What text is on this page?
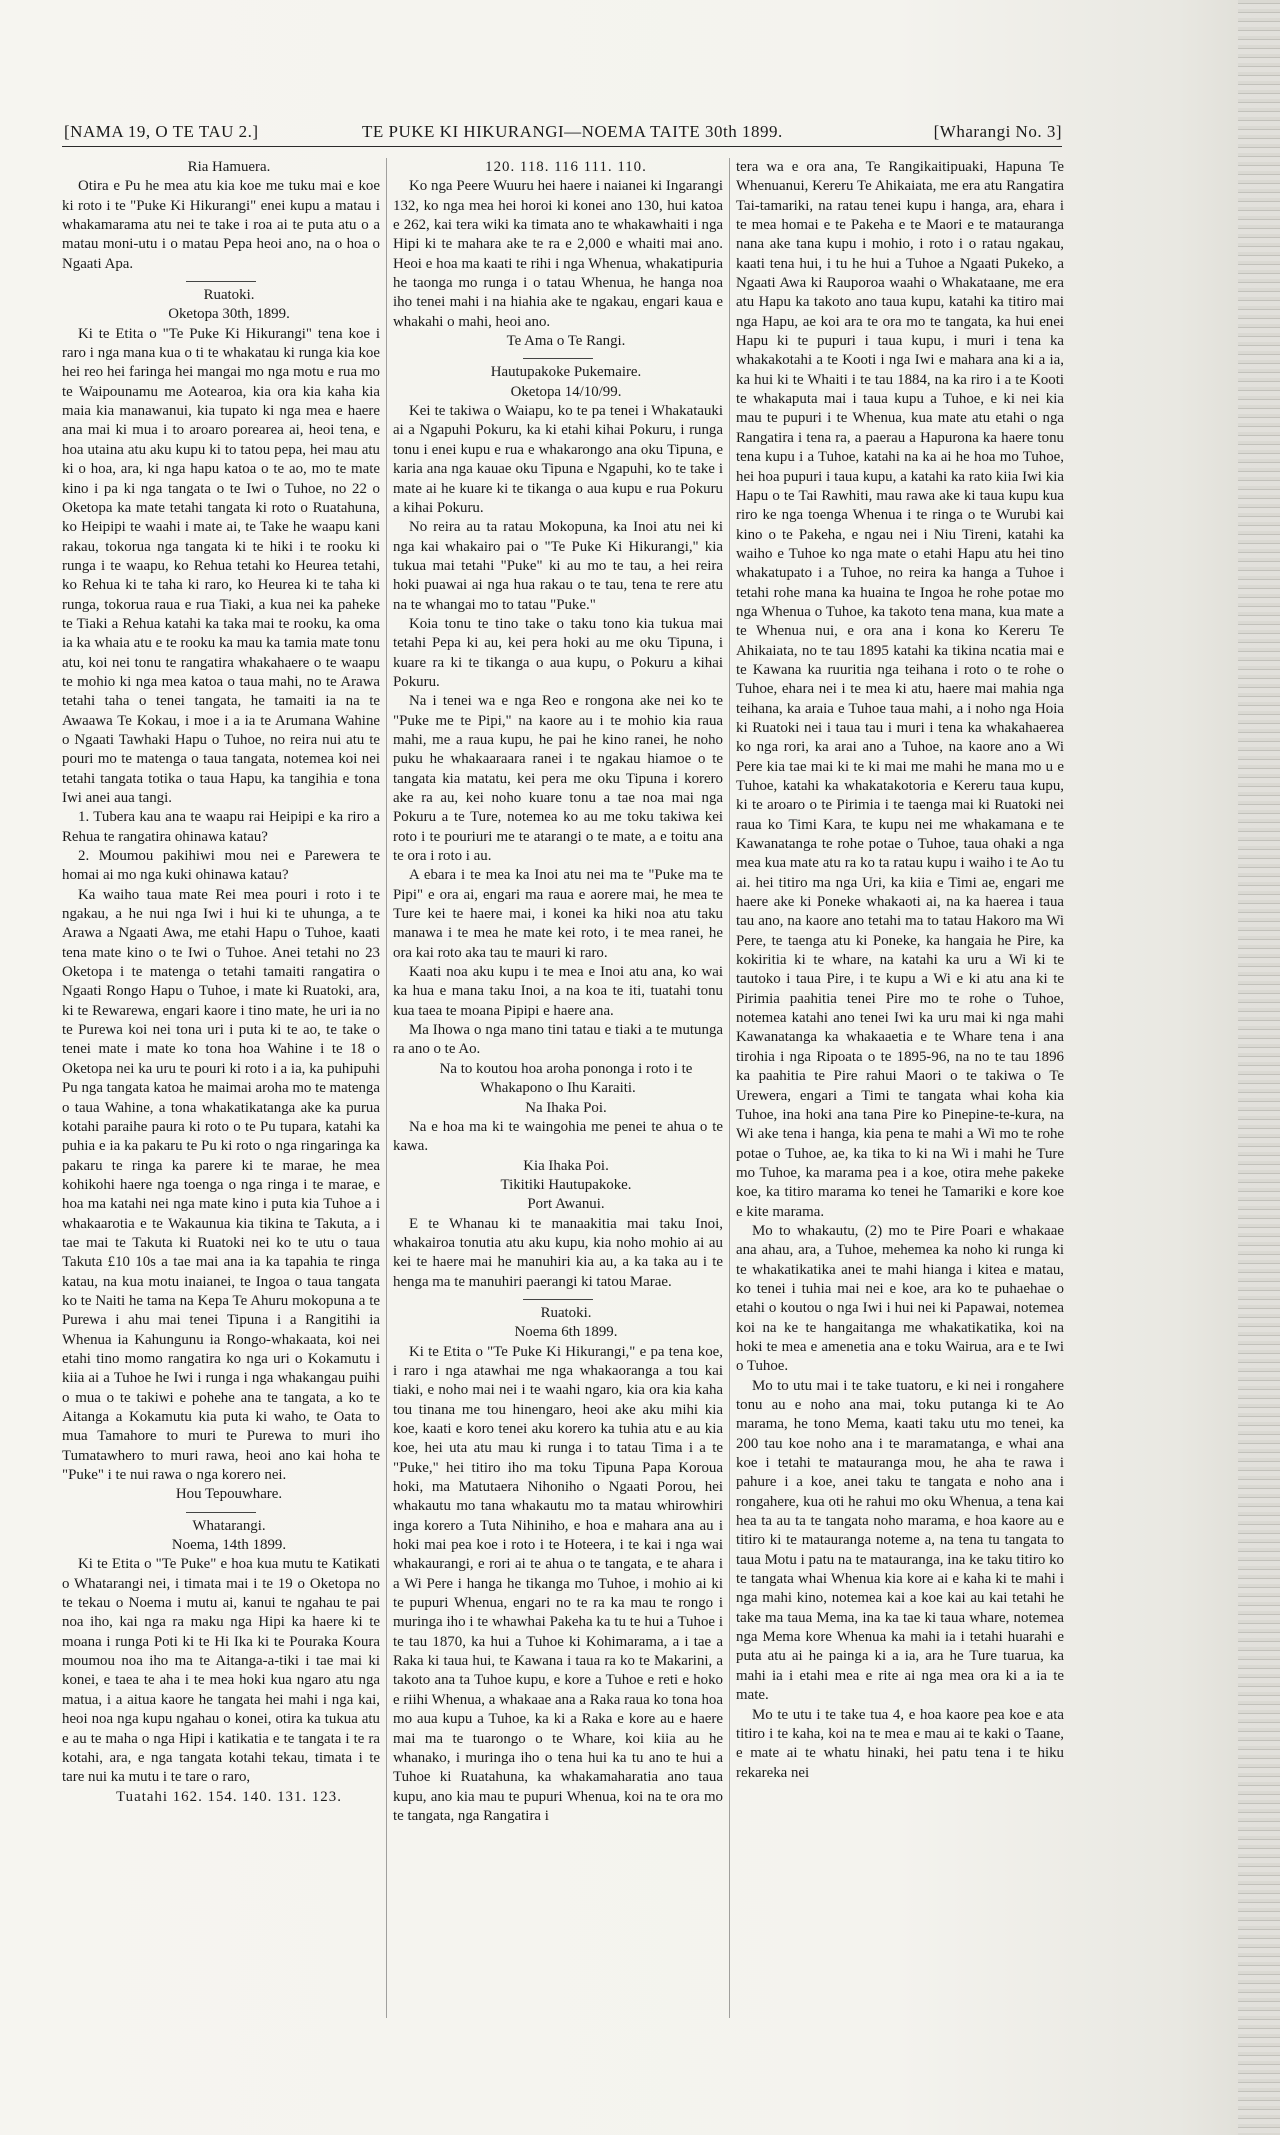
[NAMA 19, O TE TAU 2.]	TE PUKE KI HIKURANGI—NOEMA TAITE 30th 1899.	[Wharangi No. 3]

Ria Hamuera.

Otira e Pu he mea atu kia koe me tuku mai e koe ki roto i te "Puke Ki Hikurangi" enei kupu a matau i whakamarama atu nei te take i roa ai te puta atu o a matau moni-utu i o matau Pepa heoi ano, na o hoa o Ngaati Apa.

Ruatoki.

Oketopa 30th, 1899.

Ki te Etita o "Te Puke Ki Hikurangi" tena koe i raro i nga mana kua o ti te whakatau ki runga kia koe hei reo hei faringa hei mangai mo nga motu e rua mo te Waipounamu me Aotearoa, kia ora kia kaha kia maia kia manawanui, kia tupato ki nga mea e haere ana mai ki mua i to aroaro porearea ai, heoi tena, e hoa utaina atu aku kupu ki to tatou pepa, hei mau atu ki o hoa, ara, ki nga hapu katoa o te ao, mo te mate kino i pa ki nga tangata o te Iwi o Tuhoe, no 22 o Oketopa ka mate tetahi tangata ki roto o Ruatahuna, ko Heipipi te waahi i mate ai, te Take he waapu kani rakau, tokorua nga tangata ki te hiki i te rooku ki runga i te waapu, ko Rehua tetahi ko Heurea tetahi, ko Rehua ki te taha ki raro, ko Heurea ki te taha ki runga, tokorua raua e rua Tiaki, a kua nei ka paheke te Tiaki a Rehua katahi ka taka mai te rooku, ka oma ia ka whaia atu e te rooku ka mau ka tamia mate tonu atu, koi nei tonu te rangatira whakahaere o te waapu te mohio ki nga mea katoa o taua mahi, no te Arawa tetahi taha o tenei tangata, he tamaiti ia na te Awaawa Te Kokau, i moe i a ia te Arumana Wahine o Ngaati Tawhaki Hapu o Tuhoe, no reira nui atu te pouri mo te matenga o taua tangata, notemea koi nei tetahi tangata totika o taua Hapu, ka tangihia e tona Iwi anei aua tangi.

1. Tubera kau ana te waapu rai Heipipi e ka riro a Rehua te rangatira ohinawa katau?

2. Moumou pakihiwi mou nei e Parewera te homai ai mo nga kuki ohinawa katau?

Ka waiho taua mate Rei mea pouri i roto i te ngakau, a he nui nga Iwi i hui ki te uhunga, a te Arawa a Ngaati Awa, me etahi Hapu o Tuhoe, kaati tena mate kino o te Iwi o Tuhoe. Anei tetahi no 23 Oketopa i te matenga o tetahi tamaiti rangatira o Ngaati Rongo Hapu o Tuhoe, i mate ki Ruatoki, ara, ki te Rewarewa, engari kaore i tino mate, he uri ia no te Purewa koi nei tona uri i puta ki te ao, te take o tenei mate i mate ko tona hoa Wahine i te 18 o Oketopa nei ka uru te pouri ki roto i a ia, ka puhipuhi Pu nga tangata katoa he maimai aroha mo te matenga o taua Wahine, a tona whakatikatanga ake ka purua kotahi paraihe paura ki roto o te Pu tupara, katahi ka puhia e ia ka pakaru te Pu ki roto o nga ringaringa ka pakaru te ringa ka parere ki te marae, he mea kohikohi haere nga toenga o nga ringa i te marae, e hoa ma katahi nei nga mate kino i puta kia Tuhoe a i whakaarotia e te Wakaunua kia tikina te Takuta, a i tae mai te Takuta ki Ruatoki nei ko te utu o taua Takuta £10 10s a tae mai ana ia ka tapahia te ringa katau, na kua motu inaianei, te Ingoa o taua tangata ko te Naiti he tama na Kepa Te Ahuru mokopuna a te Purewa i ahu mai tenei Tipuna i a Rangitihi ia Whenua ia Kahungunu ia Rongo-whakaata, koi nei etahi tino momo rangatira ko nga uri o Kokamutu i kiia ai a Tuhoe he Iwi i runga i nga whakangau puihi o mua o te takiwi e pohehe ana te tangata, a ko te Aitanga a Kokamutu kia puta ki waho, te Oata to mua Tamahore to muri te Purewa to muri iho Tumatawhero to muri rawa, heoi ano kai hoha te "Puke" i te nui rawa o nga korero nei.

Hou Tepouwhare.

Whatarangi.

Noema, 14th 1899.

Ki te Etita o "Te Puke" e hoa kua mutu te Katikati o Whatarangi nei, i timata mai i te 19 o Oketopa no te tekau o Noema i mutu ai, kanui te ngahau te pai noa iho, kai nga ra maku nga Hipi ka haere ki te moana i runga Poti ki te Hi Ika ki te Pouraka Koura moumou noa iho ma te Aitanga-a-tiki i tae mai ki konei, e taea te aha i te mea hoki kua ngaro atu nga matua, i a aitua kaore he tangata hei mahi i nga kai, heoi noa nga kupu ngahau o konei, otira ka tukua atu e au te maha o nga Hipi i katikatia e te tangata i te ra kotahi, ara, e nga tangata kotahi tekau, timata i te tare nui ka mutu i te tare o raro,

Tuatahi 162. 154. 140. 131. 123.

120. 118. 116 111. 110.

Ko nga Peere Wuuru hei haere i naianei ki Ingarangi 132, ko nga mea hei horoi ki konei ano 130, hui katoa e 262, kai tera wiki ka timata ano te whakawhaiti i nga Hipi ki te mahara ake te ra e 2,000 e whaiti mai ano. Heoi e hoa ma kaati te rihi i nga Whenua, whakatipuria he taonga mo runga i o tatau Whenua, he hanga noa iho tenei mahi i na hiahia ake te ngakau, engari kaua e whakahi o mahi, heoi ano.

Te Ama o Te Rangi.

Hautupakoke Pukemaire.

Oketopa 14/10/99.

Kei te takiwa o Waiapu, ko te pa tenei i Whakatauki ai a Ngapuhi Pokuru, ka ki etahi kihai Pokuru, i runga tonu i enei kupu e rua e whakarongo ana oku Tipuna, e karia ana nga kauae oku Tipuna e Ngapuhi, ko te take i mate ai he kuare ki te tikanga o aua kupu e rua Pokuru a kihai Pokuru.

No reira au ta ratau Mokopuna, ka Inoi atu nei ki nga kai whakairo pai o "Te Puke Ki Hikurangi," kia tukua mai tetahi "Puke" ki au mo te tau, a hei reira hoki puawai ai nga hua rakau o te tau, tena te rere atu na te whangai mo to tatau "Puke."

Koia tonu te tino take o taku tono kia tukua mai tetahi Pepa ki au, kei pera hoki au me oku Tipuna, i kuare ra ki te tikanga o aua kupu, o Pokuru a kihai Pokuru.

Na i tenei wa e nga Reo e rongona ake nei ko te "Puke me te Pipi," na kaore au i te mohio kia raua mahi, me a raua kupu, he pai he kino ranei, he noho puku he whakaaraara ranei i te ngakau hiamoe o te tangata kia matatu, kei pera me oku Tipuna i korero ake ra au, kei noho kuare tonu a tae noa mai nga Pokuru a te Ture, notemea ko au me toku takiwa kei roto i te pouriuri me te atarangi o te mate, a e toitu ana te ora i roto i au.

A ebara i te mea ka Inoi atu nei ma te "Puke ma te Pipi" e ora ai, engari ma raua e aorere mai, he mea te Ture kei te haere mai, i konei ka hiki noa atu taku manawa i te mea he mate kei roto, i te mea ranei, he ora kai roto aka tau te mauri ki raro.

Kaati noa aku kupu i te mea e Inoi atu ana, ko wai ka hua e mana taku Inoi, a na koa te iti, tuatahi tonu kua taea te moana Pipipi e haere ana.

Ma Ihowa o nga mano tini tatau e tiaki a te mutunga ra ano o te Ao.

Na to koutou hoa aroha pononga i roto i te Whakapono o Ihu Karaiti.

Na Ihaka Poi.

Na e hoa ma ki te waingohia me penei te ahua o te kawa.

Kia Ihaka Poi.

Tikitiki Hautupakoke.

Port Awanui.

E te Whanau ki te manaakitia mai taku Inoi, whakairoa tonutia atu aku kupu, kia noho mohio ai au kei te haere mai he manuhiri kia au, a ka taka au i te henga ma te manuhiri paerangi ki tatou Marae.

Ruatoki.

Noema 6th 1899.

Ki te Etita o "Te Puke Ki Hikurangi," e pa tena koe, i raro i nga atawhai me nga whakaoranga a tou kai tiaki, e noho mai nei i te waahi ngaro, kia ora kia kaha tou tinana me tou hinengaro, heoi ake aku mihi kia koe, kaati e koro tenei aku korero ka tuhia atu e au kia koe, hei uta atu mau ki runga i to tatau Tima i a te "Puke," hei titiro iho ma toku Tipuna Papa Koroua hoki, ma Matutaera Nihoniho o Ngaati Porou, hei whakautu mo tana whakautu mo ta matau whirowhiri inga korero a Tuta Nihiniho, e hoa e mahara ana au i hoki mai pea koe i roto i te Hoteera, i te kai i nga wai whakaurangi, e rori ai te ahua o te tangata, e te ahara i a Wi Pere i hanga he tikanga mo Tuhoe, i mohio ai ki te pupuri Whenua, engari no te ra ka mau te rongo i muringa iho i te whawhai Pakeha ka tu te hui a Tuhoe i te tau 1870, ka hui a Tuhoe ki Kohimarama, a i tae a Raka ki taua hui, te Kawana i taua ra ko te Makarini, a takoto ana ta Tuhoe kupu, e kore a Tuhoe e reti e hoko e riihi Whenua, a whakaae ana a Raka raua ko tona hoa mo aua kupu a Tuhoe, ka ki a Raka e kore au e haere mai ma te tuarongo o te Whare, koi kiia au he whanako, i muringa iho o tena hui ka tu ano te hui a Tuhoe ki Ruatahuna, ka whakamaharatia ano taua kupu, ano kia mau te pupuri Whenua, koi na te ora mo te tangata, nga Rangatira i

tera wa e ora ana, Te Rangikaitipuaki, Hapuna Te Whenuanui, Kereru Te Ahikaiata, me era atu Rangatira Tai-tamariki, na ratau tenei kupu i hanga, ara, ehara i te mea homai e te Pakeha e te Maori e te matauranga nana ake tana kupu i mohio, i roto i o ratau ngakau, kaati tena hui, i tu he hui a Tuhoe a Ngaati Pukeko, a Ngaati Awa ki Rauporoa waahi o Whakataane, me era atu Hapu ka takoto ano taua kupu, katahi ka titiro mai nga Hapu, ae koi ara te ora mo te tangata, ka hui enei Hapu ki te pupuri i taua kupu, i muri i tena ka whakakotahi a te Kooti i nga Iwi e mahara ana ki a ia, ka hui ki te Whaiti i te tau 1884, na ka riro i a te Kooti te whakaputa mai i taua kupu a Tuhoe, e ki nei kia mau te pupuri i te Whenua, kua mate atu etahi o nga Rangatira i tena ra, a paerau a Hapurona ka haere tonu tena kupu i a Tuhoe, katahi na ka ai he hoa mo Tuhoe, hei hoa pupuri i taua kupu, a katahi ka rato kiia Iwi kia Hapu o te Tai Rawhiti, mau rawa ake ki taua kupu kua riro ke nga toenga Whenua i te ringa o te Wurubi kai kino o te Pakeha, e ngau nei i Niu Tireni, katahi ka waiho e Tuhoe ko nga mate o etahi Hapu atu hei tino whakatupato i a Tuhoe, no reira ka hanga a Tuhoe i tetahi rohe mana ka huaina te Ingoa he rohe potae mo nga Whenua o Tuhoe, ka takoto tena mana, kua mate a te Whenua nui, e ora ana i kona ko Kereru Te Ahikaiata, no te tau 1895 katahi ka tikina ncatia mai e te Kawana ka ruuritia nga teihana i roto o te rohe o Tuhoe, ehara nei i te mea ki atu, haere mai mahia nga teihana, ka araia e Tuhoe taua mahi, a i noho nga Hoia ki Ruatoki nei i taua tau i muri i tena ka whakahaerea ko nga rori, ka arai ano a Tuhoe, na kaore ano a Wi Pere kia tae mai ki te ki mai me mahi he mana mo u e Tuhoe, katahi ka whakatakotoria e Kereru taua kupu, ki te aroaro o te Pirimia i te taenga mai ki Ruatoki nei raua ko Timi Kara, te kupu nei me whakamana e te Kawanatanga te rohe potae o Tuhoe, taua ohaki a nga mea kua mate atu ra ko ta ratau kupu i waiho i te Ao tu ai. hei titiro ma nga Uri, ka kiia e Timi ae, engari me haere ake ki Poneke whakaoti ai, na ka haerea i taua tau ano, na kaore ano tetahi ma to tatau Hakoro ma Wi Pere, te taenga atu ki Poneke, ka hangaia he Pire, ka kokiritia ki te whare, na katahi ka uru a Wi ki te tautoko i taua Pire, i te kupu a Wi e ki atu ana ki te Pirimia paahitia tenei Pire mo te rohe o Tuhoe, notemea katahi ano tenei Iwi ka uru mai ki nga mahi Kawanatanga ka whakaaetia e te Whare tena i ana tirohia i nga Ripoata o te 1895-96, na no te tau 1896 ka paahitia te Pire rahui Maori o te takiwa o Te Urewera, engari a Timi te tangata whai koha kia Tuhoe, ina hoki ana tana Pire ko Pinepine-te-kura, na Wi ake tena i hanga, kia pena te mahi a Wi mo te rohe potae o Tuhoe, ae, ka tika to ki na Wi i mahi he Ture mo Tuhoe, ka marama pea i a koe, otira mehe pakeke koe, ka titiro marama ko tenei he Tamariki e kore koe e kite marama.

Mo to whakautu, (2) mo te Pire Poari e whakaae ana ahau, ara, a Tuhoe, mehemea ka noho ki runga ki te whakatikatika anei te mahi hianga i kitea e matau, ko tenei i tuhia mai nei e koe, ara ko te puhaehae o etahi o koutou o nga Iwi i hui nei ki Papawai, notemea koi na ke te hangaitanga me whakatikatika, koi na hoki te mea e amenetia ana e toku Wairua, ara e te Iwi o Tuhoe.

Mo to utu mai i te take tuatoru, e ki nei i rongahere tonu au e noho ana mai, toku putanga ki te Ao marama, he tono Mema, kaati taku utu mo tenei, ka 200 tau koe noho ana i te maramatanga, e whai ana koe i tetahi te matauranga mou, he aha te rawa i pahure i a koe, anei taku te tangata e noho ana i rongahere, kua oti he rahui mo oku Whenua, a tena kai hea ta au ta te tangata noho marama, e hoa kaore au e titiro ki te matauranga noteme a, na tena tu tangata to taua Motu i patu na te matauranga, ina ke taku titiro ko te tangata whai Whenua kia kore ai e kaha ki te mahi i nga mahi kino, notemea kai a koe kai au kai tetahi he take ma taua Mema, ina ka tae ki taua whare, notemea nga Mema kore Whenua ka mahi ia i tetahi huarahi e puta atu ai he painga ki a ia, ara he Ture tuarua, ka mahi ia i etahi mea e rite ai nga mea ora ki a ia te mate.

Mo te utu i te take tua 4, e hoa kaore pea koe e ata titiro i te kaha, koi na te mea e mau ai te kaki o Taane, e mate ai te whatu hinaki, hei patu tena i te hiku rekareka nei
